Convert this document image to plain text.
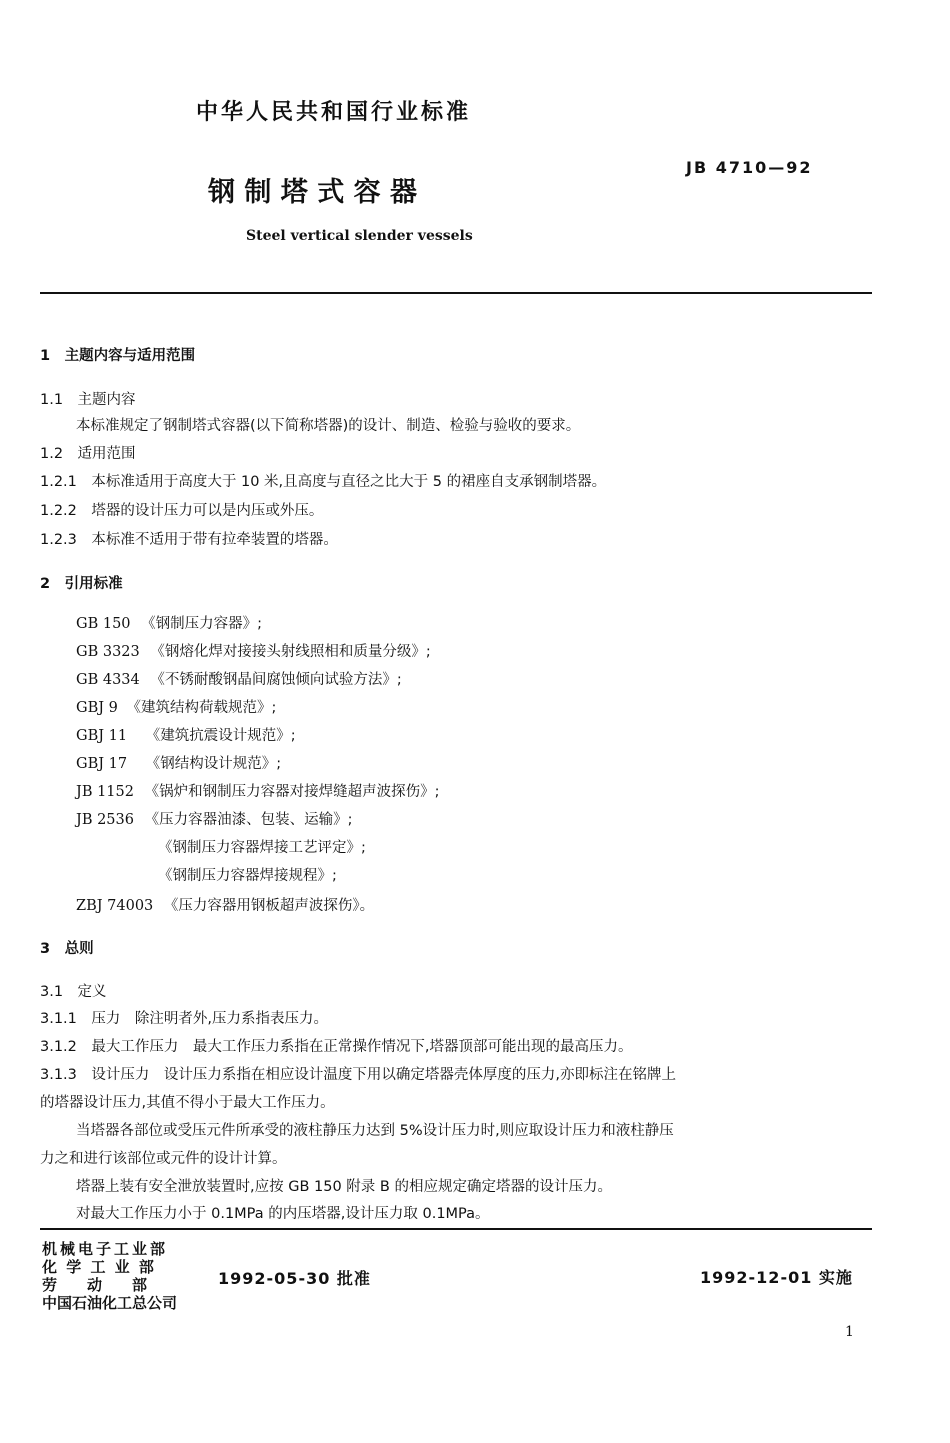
中华人民共和国行业标准
JB 4710—92
钢 制 塔 式 容 器
Steel vertical slender vessels
1　主题内容与适用范围
1.1　主题内容
本标准规定了钢制塔式容器(以下简称塔器)的设计、制造、检验与验收的要求。
1.2　适用范围
1.2.1　本标准适用于高度大于 10 米,且高度与直径之比大于 5 的裙座自支承钢制塔器。
1.2.2　塔器的设计压力可以是内压或外压。
1.2.3　本标准不适用于带有拉牵装置的塔器。
2　引用标准
GB 150 《钢制压力容器》;
GB 3323 《钢熔化焊对接接头射线照相和质量分级》;
GB 4334 《不锈耐酸钢晶间腐蚀倾向试验方法》;
GBJ 9 《建筑结构荷载规范》;
GBJ 11 《建筑抗震设计规范》;
GBJ 17 《钢结构设计规范》;
JB 1152 《锅炉和钢制压力容器对接焊缝超声波探伤》;
JB 2536 《压力容器油漆、包装、运输》;
《钢制压力容器焊接工艺评定》;
《钢制压力容器焊接规程》;
ZBJ 74003 《压力容器用钢板超声波探伤》。
3　总则
3.1　定义
3.1.1　压力　除注明者外,压力系指表压力。
3.1.2　最大工作压力　最大工作压力系指在正常操作情况下,塔器顶部可能出现的最高压力。
3.1.3　设计压力　设计压力系指在相应设计温度下用以确定塔器壳体厚度的压力,亦即标注在铭牌上
的塔器设计压力,其值不得小于最大工作压力。
当塔器各部位或受压元件所承受的液柱静压力达到 5%设计压力时,则应取设计压力和液柱静压
力之和进行该部位或元件的设计计算。
塔器上装有安全泄放装置时,应按 GB 150 附录 B 的相应规定确定塔器的设计压力。
对最大工作压力小于 0.1MPa 的内压塔器,设计压力取 0.1MPa。
机械电子工业部
化 学 工 业 部
劳　　动　　部
中国石油化工总公司
1992-05-30 批准	1992-12-01 实施
1
